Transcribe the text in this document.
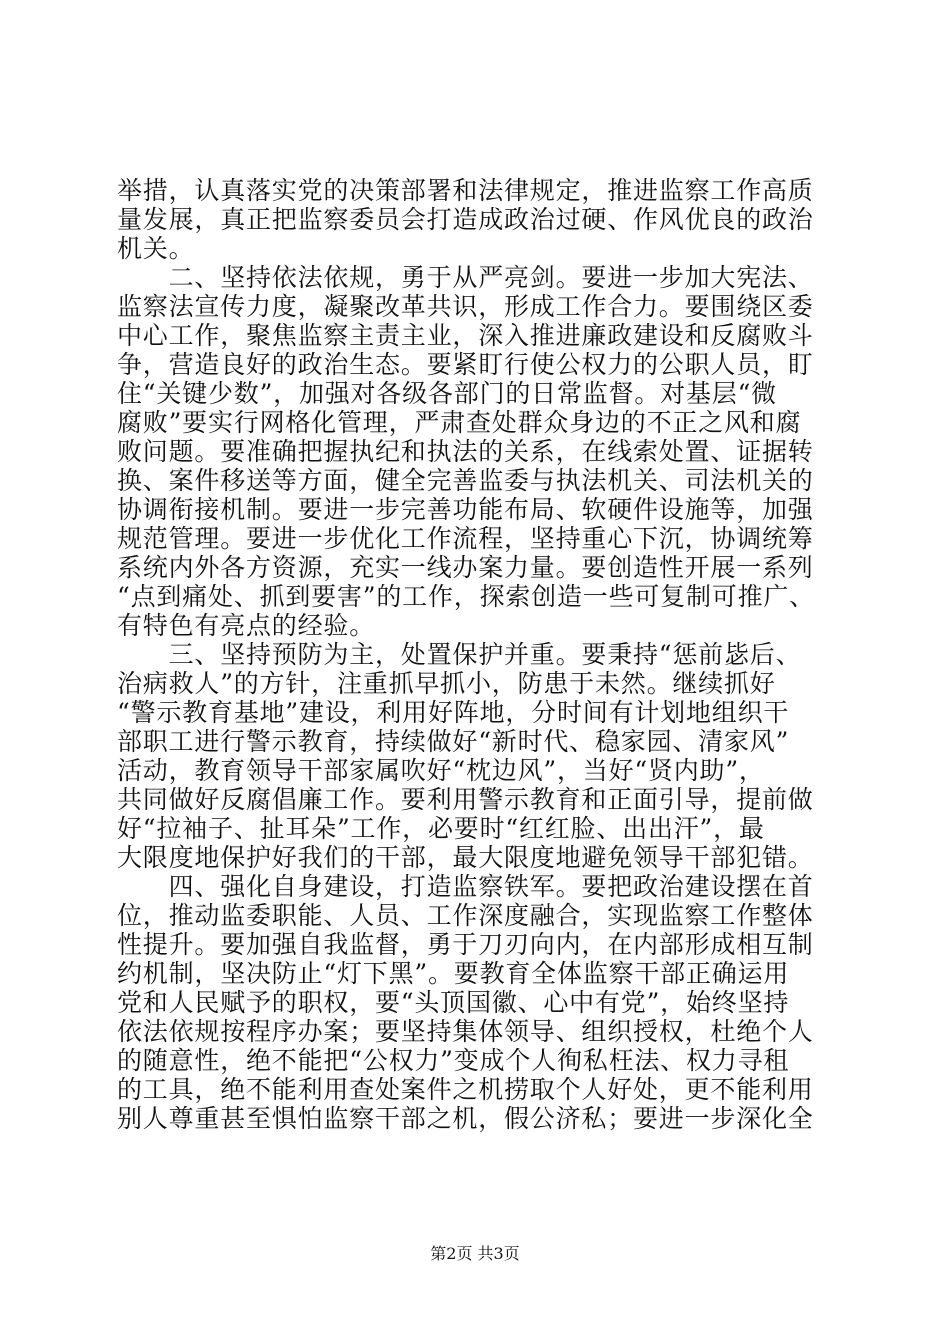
举措，认真落实党的决策部署和法律规定，推进监察工作高质
量发展，真正把监察委员会打造成政治过硬、作风优良的政治
机关。
　　二、坚持依法依规，勇于从严亮剑。要进一步加大宪法、
监察法宣传力度，凝聚改革共识，形成工作合力。要围绕区委
中心工作，聚焦监察主责主业，深入推进廉政建设和反腐败斗
争，营造良好的政治生态。要紧盯行使公权力的公职人员，盯
住“关键少数”，加强对各级各部门的日常监督。对基层“微
腐败”要实行网格化管理，严肃查处群众身边的不正之风和腐
败问题。要准确把握执纪和执法的关系，在线索处置、证据转
换、案件移送等方面，健全完善监委与执法机关、司法机关的
协调衔接机制。要进一步完善功能布局、软硬件设施等，加强
规范管理。要进一步优化工作流程，坚持重心下沉，协调统筹
系统内外各方资源，充实一线办案力量。要创造性开展一系列
“点到痛处、抓到要害”的工作，探索创造一些可复制可推广、
有特色有亮点的经验。
　　三、坚持预防为主，处置保护并重。要秉持“惩前毖后、
治病救人”的方针，注重抓早抓小，防患于未然。继续抓好
“警示教育基地”建设，利用好阵地，分时间有计划地组织干
部职工进行警示教育，持续做好“新时代、稳家园、清家风”
活动，教育领导干部家属吹好“枕边风”，当好“贤内助”，
共同做好反腐倡廉工作。要利用警示教育和正面引导，提前做
好“拉袖子、扯耳朵”工作，必要时“红红脸、出出汗”，最
大限度地保护好我们的干部，最大限度地避免领导干部犯错。
　　四、强化自身建设，打造监察铁军。要把政治建设摆在首
位，推动监委职能、人员、工作深度融合，实现监察工作整体
性提升。要加强自我监督，勇于刀刃向内，在内部形成相互制
约机制，坚决防止“灯下黑”。要教育全体监察干部正确运用
党和人民赋予的职权，要“头顶国徽、心中有党”，始终坚持
依法依规按程序办案；要坚持集体领导、组织授权，杜绝个人
的随意性，绝不能把“公权力”变成个人徇私枉法、权力寻租
的工具，绝不能利用查处案件之机捞取个人好处，更不能利用
别人尊重甚至惧怕监察干部之机，假公济私；要进一步深化全
第2页 共3页
